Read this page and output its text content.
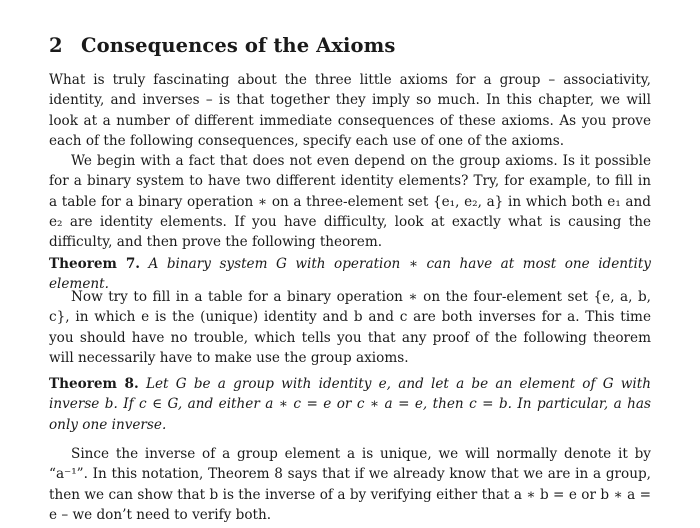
2 Consequences of the Axioms
What is truly fascinating about the three little axioms for a group – associativity, identity, and inverses – is that together they imply so much. In this chapter, we will look at a number of different immediate consequences of these axioms. As you prove each of the following consequences, specify each use of one of the axioms.
We begin with a fact that does not even depend on the group axioms. Is it possible for a binary system to have two different identity elements? Try, for example, to fill in a table for a binary operation ∗ on a three-element set {e₁, e₂, a} in which both e₁ and e₂ are identity elements. If you have difficulty, look at exactly what is causing the difficulty, and then prove the following theorem.
Theorem 7. A binary system G with operation ∗ can have at most one identity element.
Now try to fill in a table for a binary operation ∗ on the four-element set {e, a, b, c}, in which e is the (unique) identity and b and c are both inverses for a. This time you should have no trouble, which tells you that any proof of the following theorem will necessarily have to make use the group axioms.
Theorem 8. Let G be a group with identity e, and let a be an element of G with inverse b. If c ∈ G, and either a ∗ c = e or c ∗ a = e, then c = b. In particular, a has only one inverse.
Since the inverse of a group element a is unique, we will normally denote it by “a⁻¹”. In this notation, Theorem 8 says that if we already know that we are in a group, then we can show that b is the inverse of a by verifying either that a ∗ b = e or b ∗ a = e – we don’t need to verify both.
